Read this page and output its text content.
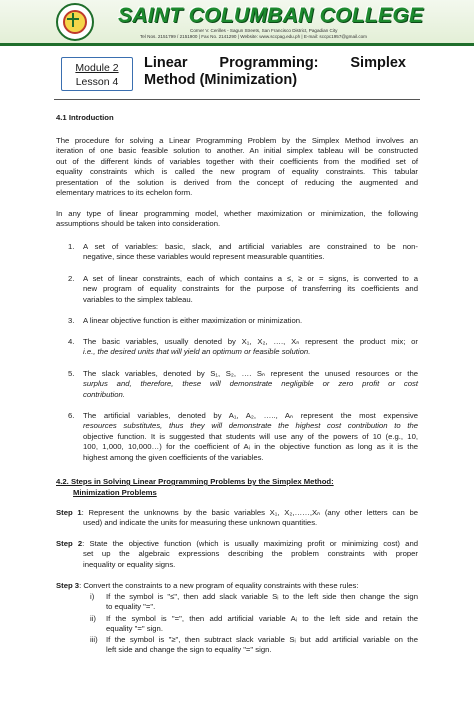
SAINT COLUMBAN COLLEGE
Corner V. Cerilles - Sagun Streets, San Francisco District, Pagadian City
Tel Nos. 2151799 / 2151900 | Fax No. 2141290 | Website: www.sccpag.edu.ph | E-mail: sccpc1957@gmail.com
Module 2
Lesson 4
Linear Programming: Simplex
Method (Minimization)
4.1 Introduction
The procedure for solving a Linear Programming Problem by the Simplex Method involves an
iteration of one basic feasible solution to another. An initial simplex tableau will be constructed
out of the different kinds of variables together with their coefficients from the modified set of
equality constraints which is called the new program of equality constraints. This tabular
presentation of the solution is derived from the concept of reducing the augmented and
elementary matrices to its echelon form.
In any type of linear programming model, whether maximization or minimization, the following
assumptions should be taken into consideration.
1. A set of variables: basic, slack, and artificial variables are constrained to be non-
negative, since these variables would represent measurable quantities.
2. A set of linear constraints, each of which contains a ≤, ≥ or = signs, is converted to a
new program of equality constraints for the purpose of transferring its coefficients and
variables to the simplex tableau.
3. A linear objective function is either maximization or minimization.
4. The basic variables, usually denoted by X₁, X₂, …., Xₙ represent the product mix; or
i.e., the desired units that will yield an optimum or feasible solution.
5. The slack variables, denoted by S₁, S₂, …. Sₙ represent the unused resources or the
surplus and, therefore, these will demonstrate negligible or zero profit or cost
contribution.
6. The artificial variables, denoted by A₁, A₂, ….., Aₙ represent the most expensive
resources substitutes, thus they will demonstrate the highest cost contribution to the
objective function. It is suggested that students will use any of the powers of 10 (e.g., 10,
100, 1,000, 10,000…) for the coefficient of Aᵢ in the objective function as long as it is the
highest among the given coefficients of the variables.
4.2. Steps in Solving Linear Programming Problems by the Simplex Method:
Minimization Problems
Step 1: Represent the unknowns by the basic variables X₁, X₂,……,Xₙ (any other letters can be
used) and indicate the units for measuring these unknown quantities.
Step 2: State the objective function (which is usually maximizing profit or minimizing cost) and
set up the algebraic expressions describing the problem constraints with proper
inequality or equality signs.
Step 3: Convert the constraints to a new program of equality constraints with these rules:
i) If the symbol is "≤", then add slack variable Sᵢ to the left side then change the sign
to equality "=".
ii) If the symbol is "=", then add artificial variable Aᵢ to the left side and retain the
equality "=" sign.
iii) If the symbol is "≥", then subtract slack variable Sᵢ but add artificial variable on the
left side and change the sign to equality "=" sign.
